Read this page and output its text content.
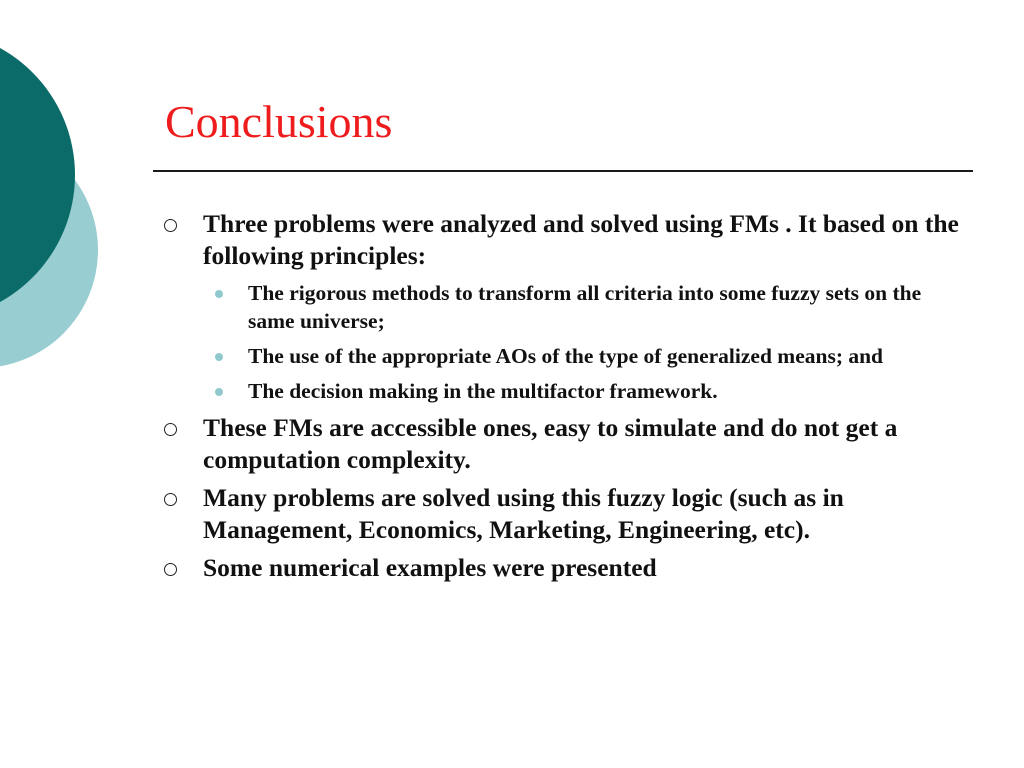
Conclusions
Three problems were analyzed and solved using FMs . It based on the following principles:
The rigorous methods to transform all criteria into some fuzzy sets on the same universe;
The use of the appropriate AOs of the type of generalized means; and
The decision making in the multifactor framework.
These FMs are accessible ones, easy to simulate and do not get a computation complexity.
Many problems are solved using this fuzzy logic (such as in Management, Economics, Marketing, Engineering, etc).
Some numerical examples were presented
